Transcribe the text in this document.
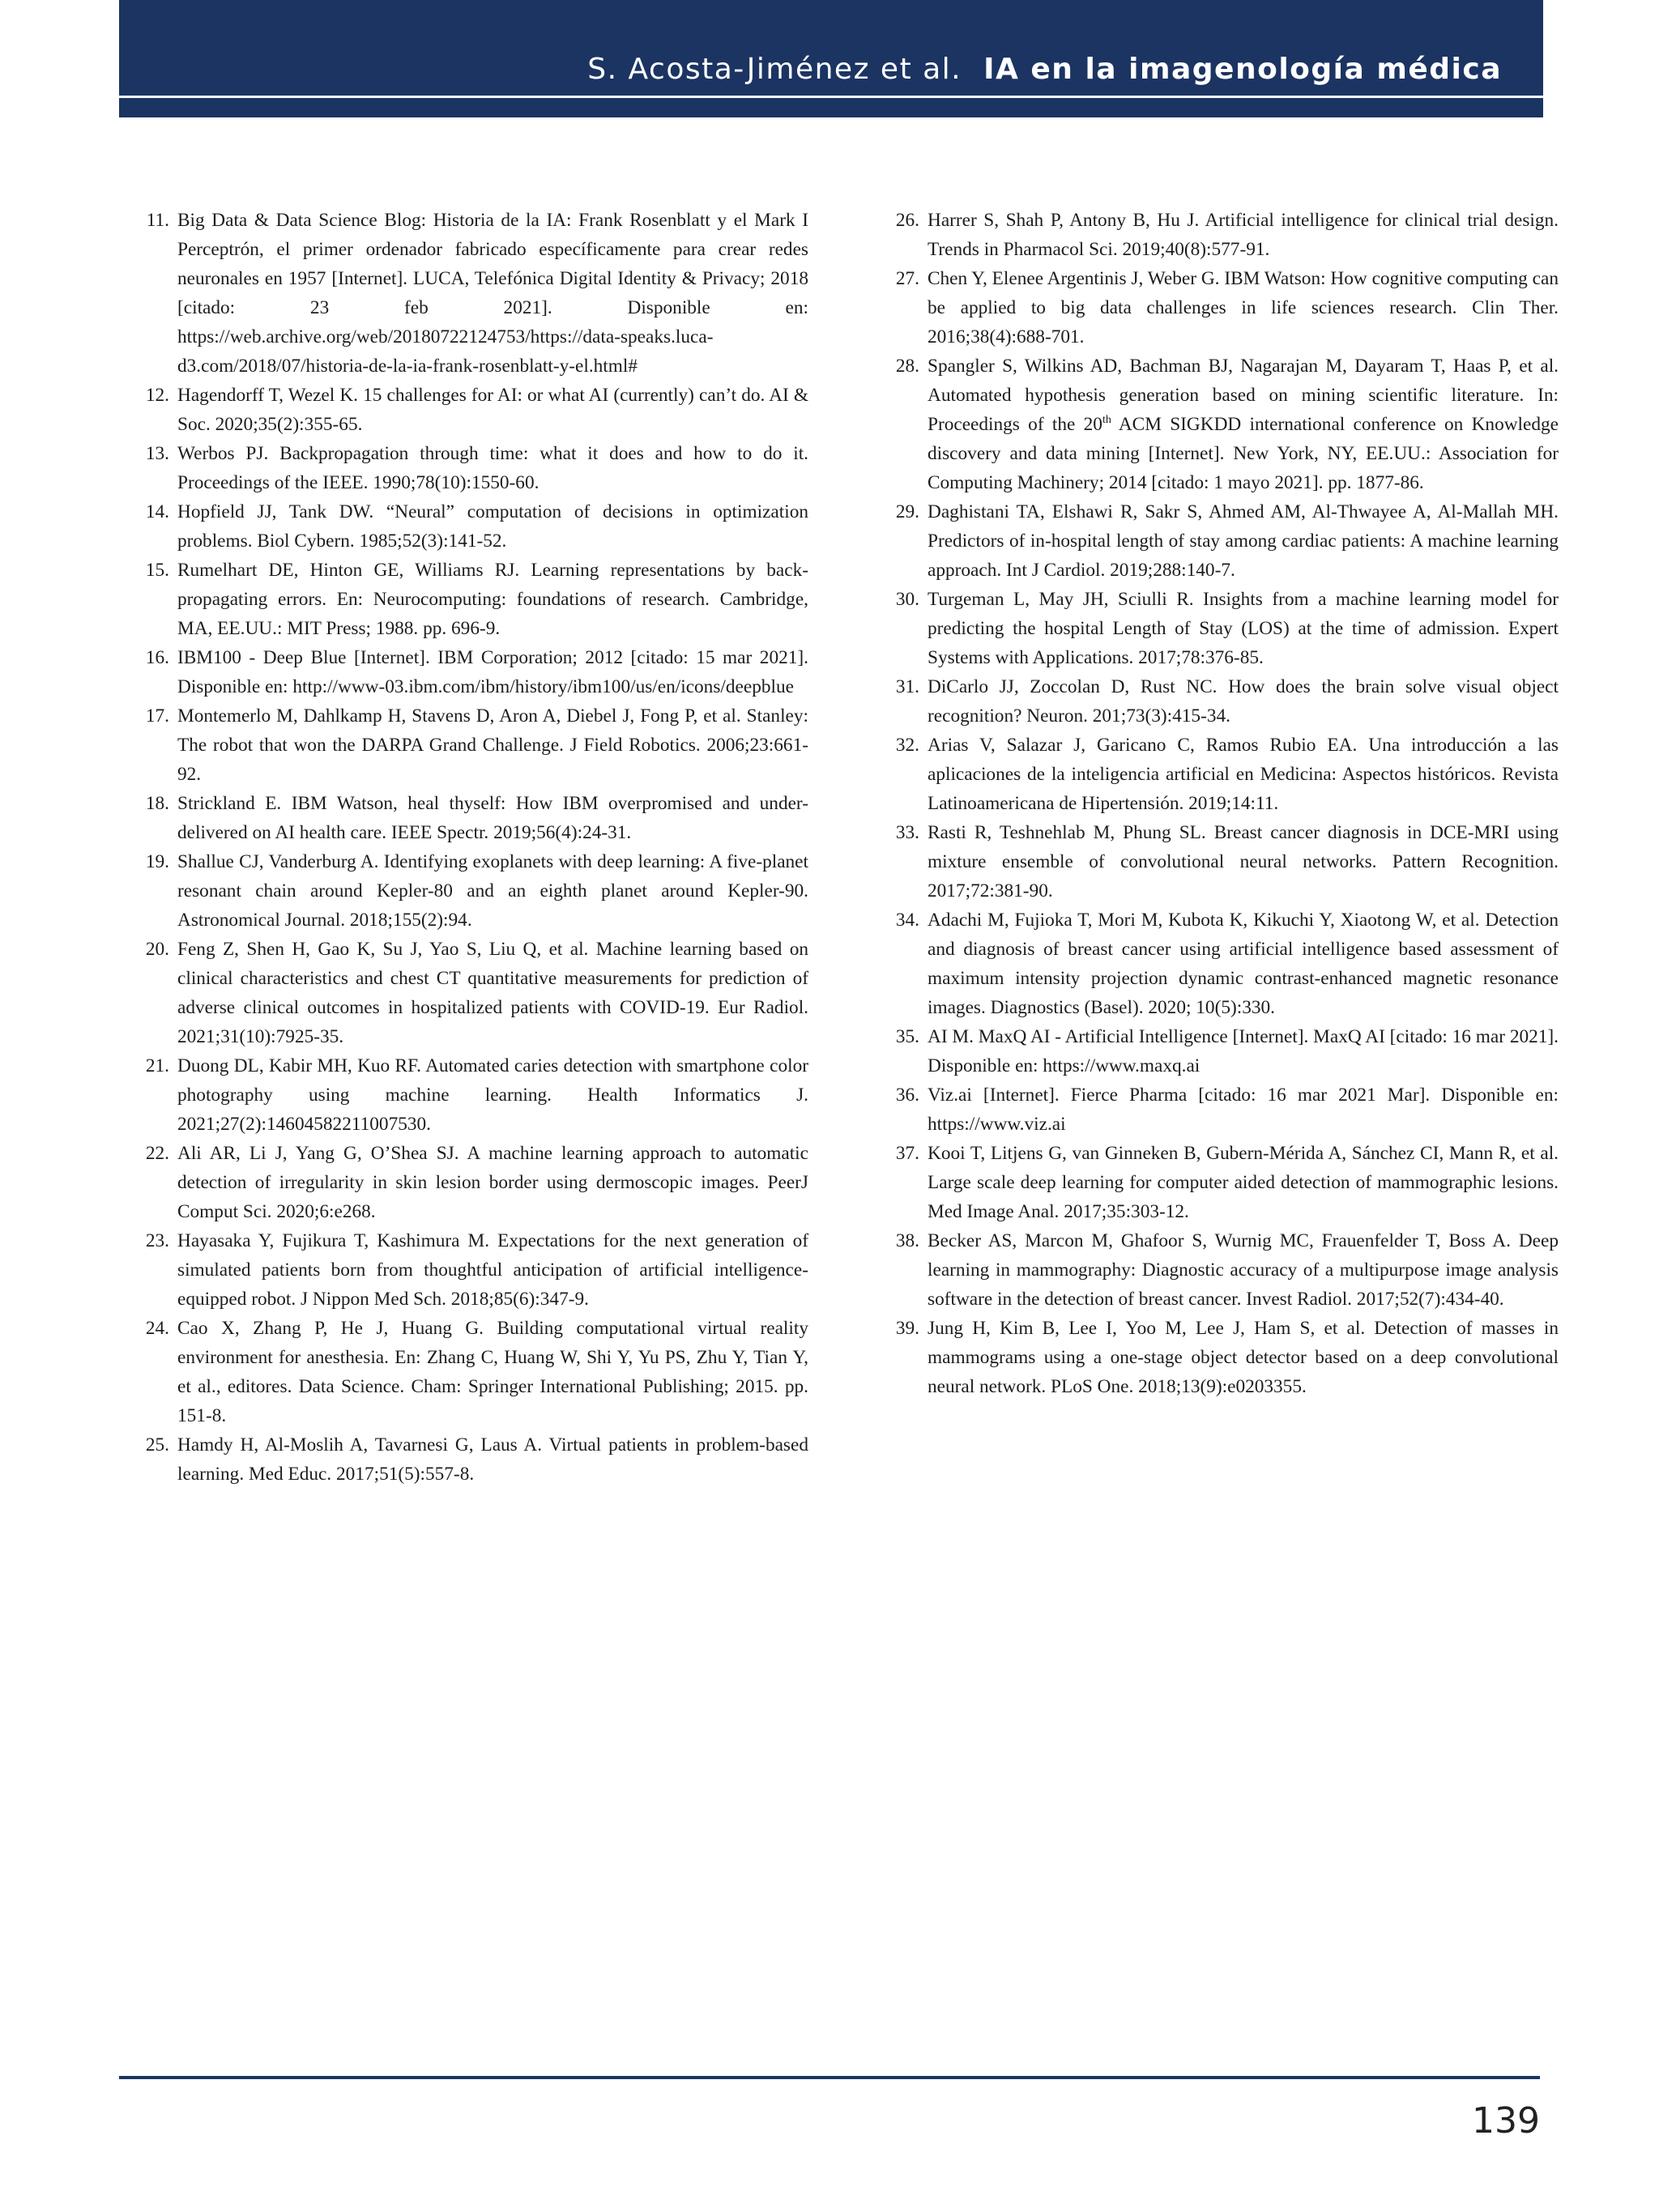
S. Acosta-Jiménez et al. IA en la imagenología médica
11. Big Data & Data Science Blog: Historia de la IA: Frank Rosenblatt y el Mark I Perceptrón, el primer ordenador fabricado específicamente para crear redes neuronales en 1957 [Internet]. LUCA, Telefónica Digital Identity & Privacy; 2018 [citado: 23 feb 2021]. Disponible en: https://web.archive.org/web/20180722124753/https://data-speaks.luca-d3.com/2018/07/historia-de-la-ia-frank-rosenblatt-y-el.html#
12. Hagendorff T, Wezel K. 15 challenges for AI: or what AI (currently) can’t do. AI & Soc. 2020;35(2):355-65.
13. Werbos PJ. Backpropagation through time: what it does and how to do it. Proceedings of the IEEE. 1990;78(10):1550-60.
14. Hopfield JJ, Tank DW. “Neural” computation of decisions in optimization problems. Biol Cybern. 1985;52(3):141-52.
15. Rumelhart DE, Hinton GE, Williams RJ. Learning representations by back-propagating errors. En: Neurocomputing: foundations of research. Cambridge, MA, EE.UU.: MIT Press; 1988. pp. 696-9.
16. IBM100 - Deep Blue [Internet]. IBM Corporation; 2012 [citado: 15 mar 2021]. Disponible en: http://www-03.ibm.com/ibm/history/ibm100/us/en/icons/deepblue
17. Montemerlo M, Dahlkamp H, Stavens D, Aron A, Diebel J, Fong P, et al. Stanley: The robot that won the DARPA Grand Challenge. J Field Robotics. 2006;23:661-92.
18. Strickland E. IBM Watson, heal thyself: How IBM overpromised and under-delivered on AI health care. IEEE Spectr. 2019;56(4):24-31.
19. Shallue CJ, Vanderburg A. Identifying exoplanets with deep learning: A five-planet resonant chain around Kepler-80 and an eighth planet around Kepler-90. Astronomical Journal. 2018;155(2):94.
20. Feng Z, Shen H, Gao K, Su J, Yao S, Liu Q, et al. Machine learning based on clinical characteristics and chest CT quantitative measurements for prediction of adverse clinical outcomes in hospitalized patients with COVID-19. Eur Radiol. 2021;31(10):7925-35.
21. Duong DL, Kabir MH, Kuo RF. Automated caries detection with smartphone color photography using machine learning. Health Informatics J. 2021;27(2):14604582211007530.
22. Ali AR, Li J, Yang G, O’Shea SJ. A machine learning approach to automatic detection of irregularity in skin lesion border using dermoscopic images. PeerJ Comput Sci. 2020;6:e268.
23. Hayasaka Y, Fujikura T, Kashimura M. Expectations for the next generation of simulated patients born from thoughtful anticipation of artificial intelligence-equipped robot. J Nippon Med Sch. 2018;85(6):347-9.
24. Cao X, Zhang P, He J, Huang G. Building computational virtual reality environment for anesthesia. En: Zhang C, Huang W, Shi Y, Yu PS, Zhu Y, Tian Y, et al., editores. Data Science. Cham: Springer International Publishing; 2015. pp. 151-8.
25. Hamdy H, Al-Moslih A, Tavarnesi G, Laus A. Virtual patients in problem-based learning. Med Educ. 2017;51(5):557-8.
26. Harrer S, Shah P, Antony B, Hu J. Artificial intelligence for clinical trial design. Trends in Pharmacol Sci. 2019;40(8):577-91.
27. Chen Y, Elenee Argentinis J, Weber G. IBM Watson: How cognitive computing can be applied to big data challenges in life sciences research. Clin Ther. 2016;38(4):688-701.
28. Spangler S, Wilkins AD, Bachman BJ, Nagarajan M, Dayaram T, Haas P, et al. Automated hypothesis generation based on mining scientific literature. In: Proceedings of the 20th ACM SIGKDD international conference on Knowledge discovery and data mining [Internet]. New York, NY, EE.UU.: Association for Computing Machinery; 2014 [citado: 1 mayo 2021]. pp. 1877-86.
29. Daghistani TA, Elshawi R, Sakr S, Ahmed AM, Al-Thwayee A, Al-Mallah MH. Predictors of in-hospital length of stay among cardiac patients: A machine learning approach. Int J Cardiol. 2019;288:140-7.
30. Turgeman L, May JH, Sciulli R. Insights from a machine learning model for predicting the hospital Length of Stay (LOS) at the time of admission. Expert Systems with Applications. 2017;78:376-85.
31. DiCarlo JJ, Zoccolan D, Rust NC. How does the brain solve visual object recognition? Neuron. 201;73(3):415-34.
32. Arias V, Salazar J, Garicano C, Ramos Rubio EA. Una introducción a las aplicaciones de la inteligencia artificial en Medicina: Aspectos históricos. Revista Latinoamericana de Hipertensión. 2019;14:11.
33. Rasti R, Teshnehlab M, Phung SL. Breast cancer diagnosis in DCE-MRI using mixture ensemble of convolutional neural networks. Pattern Recognition. 2017;72:381-90.
34. Adachi M, Fujioka T, Mori M, Kubota K, Kikuchi Y, Xiaotong W, et al. Detection and diagnosis of breast cancer using artificial intelligence based assessment of maximum intensity projection dynamic contrast-enhanced magnetic resonance images. Diagnostics (Basel). 2020; 10(5):330.
35. AI M. MaxQ AI - Artificial Intelligence [Internet]. MaxQ AI [citado: 16 mar 2021]. Disponible en: https://www.maxq.ai
36. Viz.ai [Internet]. Fierce Pharma [citado: 16 mar 2021 Mar]. Disponible en: https://www.viz.ai
37. Kooi T, Litjens G, van Ginneken B, Gubern-Mérida A, Sánchez CI, Mann R, et al. Large scale deep learning for computer aided detection of mammographic lesions. Med Image Anal. 2017;35:303-12.
38. Becker AS, Marcon M, Ghafoor S, Wurnig MC, Frauenfelder T, Boss A. Deep learning in mammography: Diagnostic accuracy of a multipurpose image analysis software in the detection of breast cancer. Invest Radiol. 2017;52(7):434-40.
39. Jung H, Kim B, Lee I, Yoo M, Lee J, Ham S, et al. Detection of masses in mammograms using a one-stage object detector based on a deep convolutional neural network. PLoS One. 2018;13(9):e0203355.
139
